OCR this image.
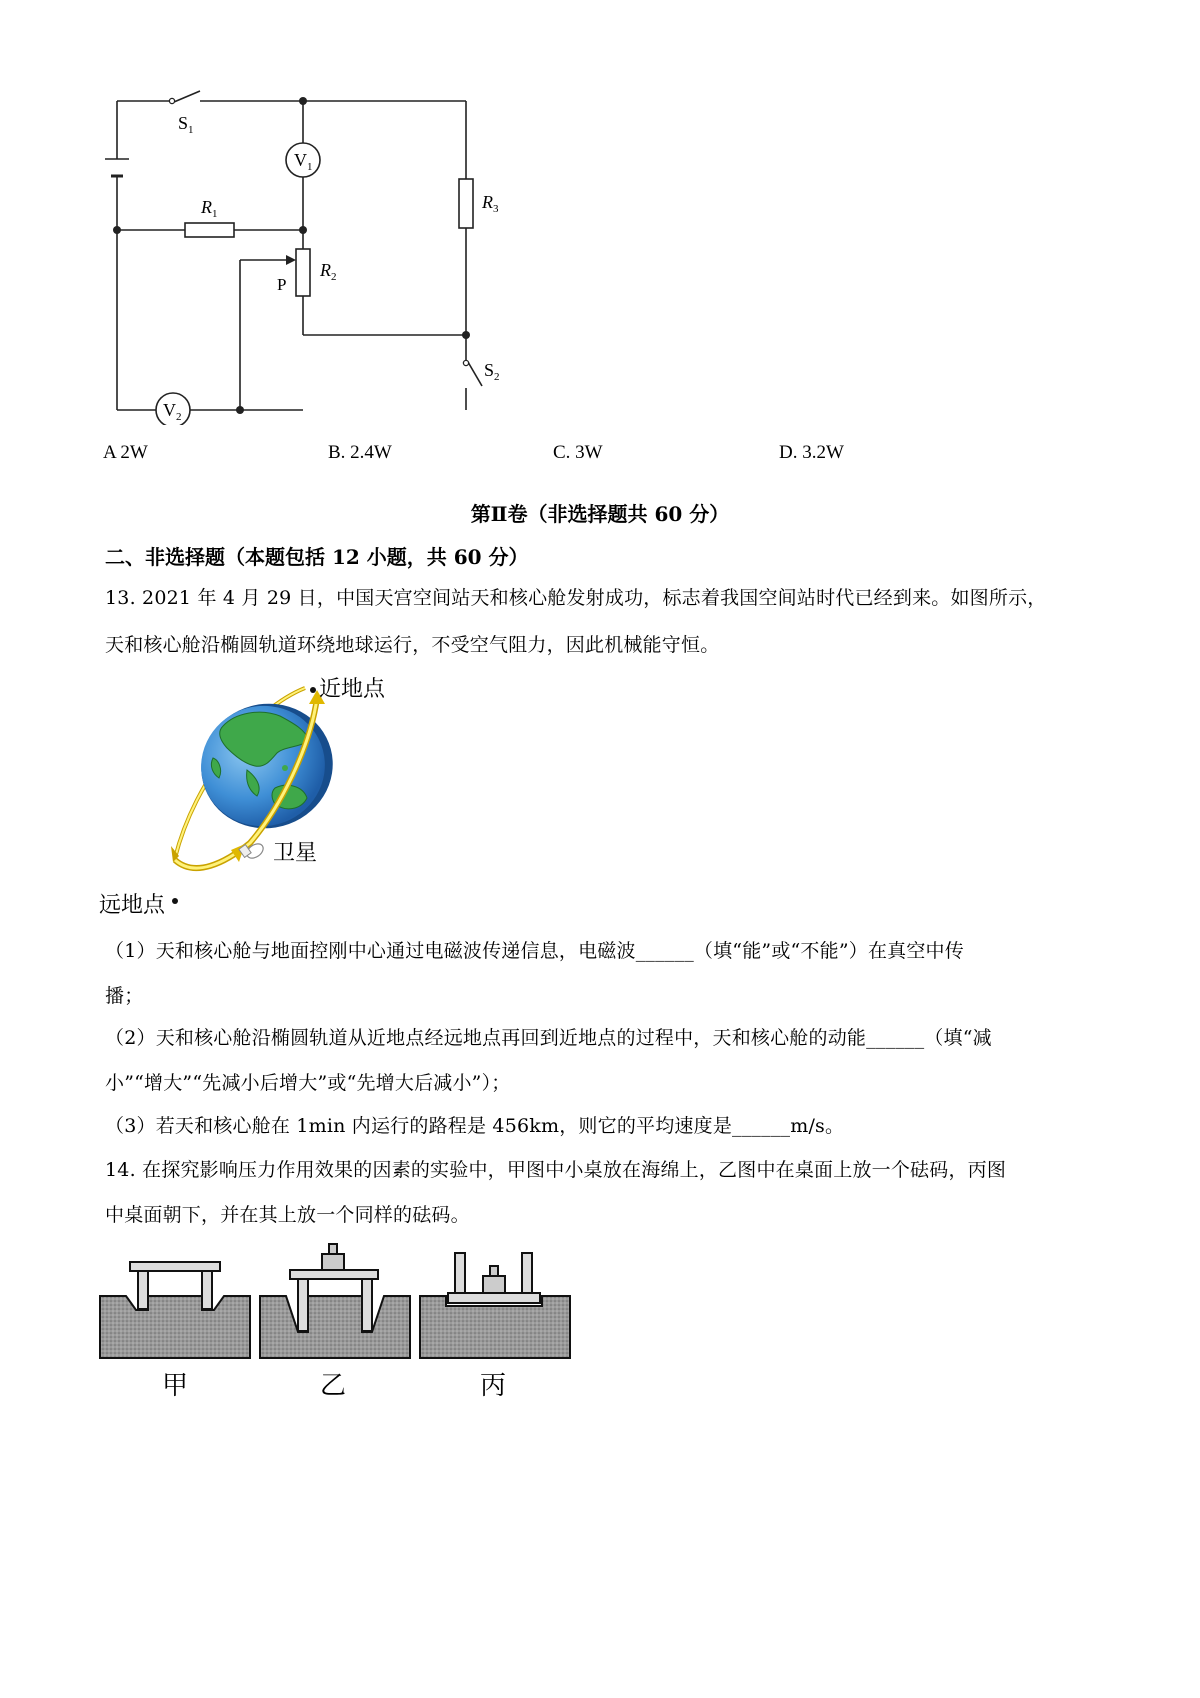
$V_1$
$V_2$
$R_1$
$R_2$
P
$R_3$
$S_1$
$S_2$
A 2W	B. 2.4W	C. 3W	D. 3.2W
第Ⅱ卷（非选择题共 60 分）
二、非选择题（本题包括 12 小题，共 60 分）
13. 2021 年 4 月 29 日，中国天宫空间站天和核心舱发射成功，标志着我国空间站时代已经到来。如图所示，
天和核心舱沿椭圆轨道环绕地球运行，不受空气阻力，因此机械能守恒。
近地点
卫星
远地点
（1）天和核心舱与地面控刚中心通过电磁波传递信息，电磁波______（填“能”或“不能”）在真空中传
播；
（2）天和核心舱沿椭圆轨道从近地点经远地点再回到近地点的过程中，天和核心舱的动能______（填“减
小”“增大”“先减小后增大”或“先增大后减小”）；
（3）若天和核心舱在 1min 内运行的路程是 456km，则它的平均速度是______m/s。
14. 在探究影响压力作用效果的因素的实验中，甲图中小桌放在海绵上，乙图中在桌面上放一个砝码，丙图
中桌面朝下，并在其上放一个同样的砝码。
甲	乙	丙
